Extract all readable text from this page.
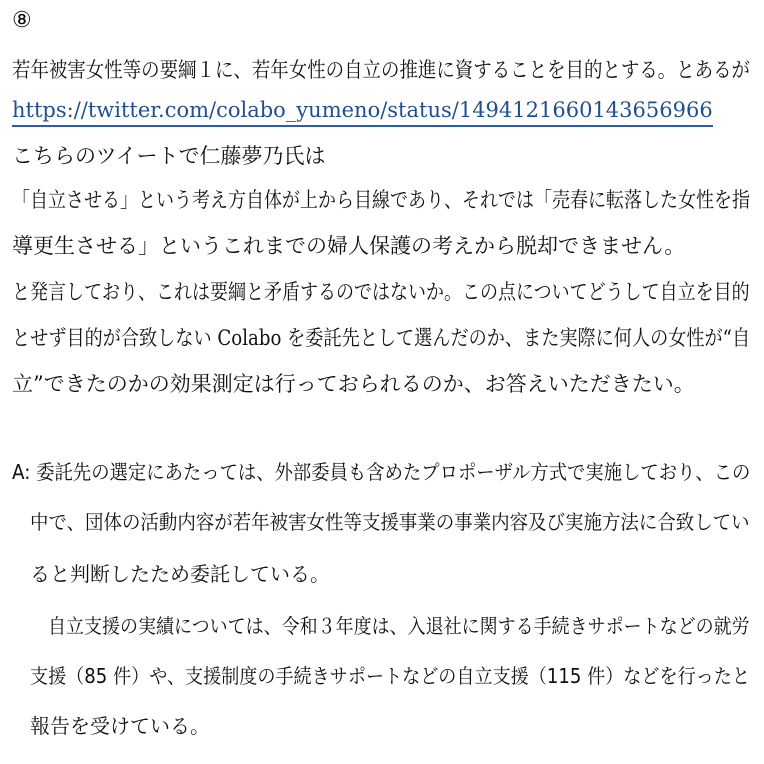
⑧
若年被害女性等の要綱１に、若年女性の自立の推進に資することを目的とする。とあるが
https://twitter.com/colabo_yumeno/status/1494121660143656966
こちらのツイートで仁藤夢乃氏は
「自立させる」という考え方自体が上から目線であり、それでは「売春に転落した女性を指
導更生させる」というこれまでの婦人保護の考えから脱却できません。
と発言しており、これは要綱と矛盾するのではないか。この点についてどうして自立を目的
とせず目的が合致しない Colabo を委託先として選んだのか、また実際に何人の女性が“自
立”できたのかの効果測定は行っておられるのか、お答えいただきたい。
A: 委託先の選定にあたっては、外部委員も含めたプロポーザル方式で実施しており、この
中で、団体の活動内容が若年被害女性等支援事業の事業内容及び実施方法に合致してい
ると判断したため委託している。
自立支援の実績については、令和３年度は、入退社に関する手続きサポートなどの就労
支援（85 件）や、支援制度の手続きサポートなどの自立支援（115 件）などを行ったと
報告を受けている。
